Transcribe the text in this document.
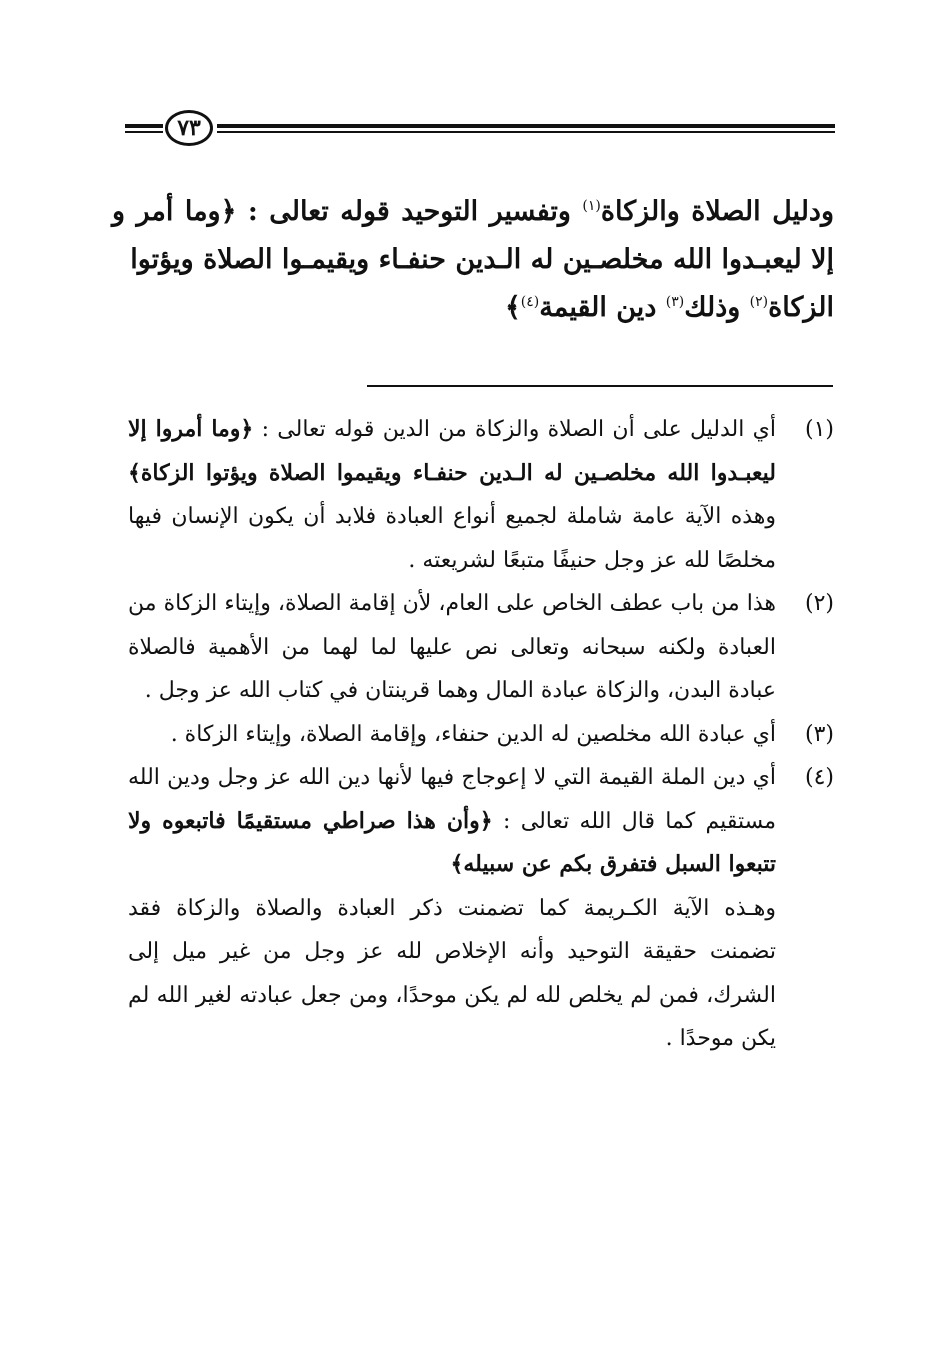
٧٣
ودليل الصلاة والزكاة$^{(١)}$ وتفسير التوحيد قوله تعالى : ﴿وما أمر و إلا ليعبـدوا الله مخلصـين له الـدين حنفـاء ويقيمـوا الصلاة ويؤتوا
الزكاة$^{(٢)}$ وذلك$^{(٣)}$ دين القيمة$^{(٤)}$﴾
(١)
أي الدليل على أن الصلاة والزكاة من الدين قوله تعالى : ﴿وما أمروا إلا ليعبـدوا الله مخلصـين له الـدين حنفـاء ويقيموا الصلاة ويؤتوا الزكاة﴾ وهذه الآية عامة شاملة لجميع أنواع العبادة فلابد أن يكون الإنسان فيها مخلصًا لله عز وجل حنيفًا متبعًا لشريعته .
(٢)
هذا من باب عطف الخاص على العام، لأن إقامة الصلاة، وإيتاء الزكاة من العبادة ولكنه سبحانه وتعالى نص عليها لما لهما من الأهمية فالصلاة عبادة البدن، والزكاة عبادة المال وهما قرينتان في كتاب الله عز وجل .
(٣)
أي عبادة الله مخلصين له الدين حنفاء، وإقامة الصلاة، وإيتاء الزكاة .
(٤)
أي دين الملة القيمة التي لا إعوجاج فيها لأنها دين الله عز وجل ودين الله مستقيم كما قال الله تعالى : ﴿وأن هذا صراطي مستقيمًا فاتبعوه ولا تتبعوا السبل فتفرق بكم عن سبيله﴾
وهـذه الآية الكـريمة كما تضمنت ذكر العبادة والصلاة والزكاة فقد تضمنت حقيقة التوحيد وأنه الإخلاص لله عز وجل من غير ميل إلى الشرك، فمن لم يخلص لله لم يكن موحدًا، ومن جعل عبادته لغير الله لم يكن موحدًا .
